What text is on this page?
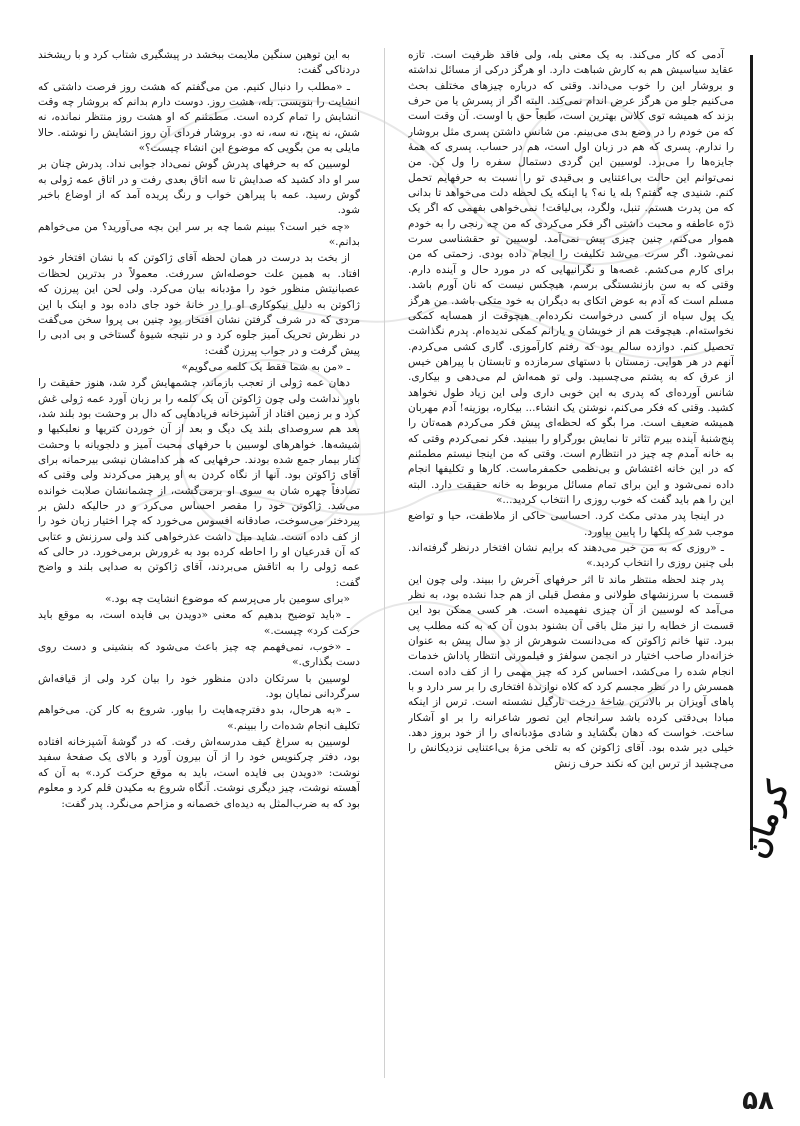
آدمی که کار می‌کند. به یک معنی بله، ولی فاقد ظرفیت است. تازه عقاید سیاسیش هم به کارش شباهت دارد. او هرگز درکی از مسائل نداشته و بروشار این را خوب می‌داند. وقتی که درباره چیزهای مختلف بحث می‌کنیم جلو من هرگز عرض اندام نمی‌کند. البته اگر از پسرش یا من حرف بزند که همیشه توی کلاس بهترین است، طبعاً حق با اوست. آن وقت است که من خودم را در وضع بدی می‌بینم. من شانس داشتن پسری مثل بروشار را ندارم. پسری که هم در زبان اول است، هم در حساب. پسری که همهٔ جایزه‌ها را می‌برد. لوسیین این گردی دستمال سفره را ول کن. من نمی‌توانم این حالت بی‌اعتنایی و بی‌قیدی تو را نسبت به حرفهایم تحمل کنم. شنیدی چه گفتم؟ بله یا نه؟ یا اینکه یک لحظه دلت می‌خواهد تا بدانی که من پدرت هستم. تنبل، ولگرد، بی‌لیاقت! نمی‌خواهی بفهمی که اگر یک ذرّه عاطفه و محبت داشتی اگر فکر می‌کردی که من چه رنجی را به خودم هموار می‌کنم، چنین چیزی پیش نمی‌آمد. لوسیین تو حقشناسی سرت نمی‌شود. اگر سرت می‌شد تکلیفت را انجام داده بودی. زحمتی که من برای کارم می‌کشم. غصه‌ها و نگرانیهایی که در مورد حال و آینده دارم. وقتی که به سن بازنشستگی برسم، هیچکس نیست که نان آورم باشد. مسلم است که آدم به عوض اتکای به دیگران به خود متکی باشد. من هرگز یک پول سیاه از کسی درخواست نکرده‌ام. هیچوقت از همسایه کمکی نخواسته‌ام. هیچوقت هم از خویشان و یارانم کمکی ندیده‌ام. پدرم نگذاشت تحصیل کنم. دوازده سالم بود که رفتم کارآموزی. گاری کشی می‌کردم. آنهم در هر هوایی. زمستان با دستهای سرمازده و تابستان با پیراهن خیس از عرق که به پشتم می‌چسبید. ولی تو همه‌اش لم می‌دهی و بیکاری. شانس آورده‌ای که پدری به این خوبی داری ولی این زیاد طول نخواهد کشید. وقتی که فکر می‌کنم، نوشتن یک انشاء... بیکاره، بوزینه! آدم مهربان همیشه ضعیف است. مرا بگو که لحظه‌ای پیش فکر می‌کردم همه‌تان را پنج‌شنبهٔ آینده بیرم تئاتر تا نمایش بورگراو را ببینید. فکر نمی‌کردم وقتی که به خانه آمدم چه چیز در انتظارم است. وقتی که من اینجا نیستم مطمئنم که در این خانه اغتشاش و بی‌نظمی حکمفرماست. کارها و تکلیفها انجام داده نمی‌شود و این برای تمام مسائل مربوط به خانه حقیقت دارد. البته این را هم باید گفت که خوب روزی را انتخاب کردید...»

در اینجا پدر مدتی مکث کرد. احساسی حاکی از ملاطفت، حیا و تواضع موجب شد که پلکها را پایین بیاورد.

ـ «روزی که به من خبر می‌دهند که برایم نشان افتخار درنظر گرفته‌اند. بلی چنین روزی را انتخاب کردید.»

پدر چند لحظه منتظر ماند تا اثر حرفهای آخرش را ببیند. ولی چون این قسمت با سرزنشهای طولانی و مفصل قبلی از هم جدا نشده بود، به نظر می‌آمد که لوسیین از آن چیزی نفهمیده است. هر کسی ممکن بود این قسمت از خطابه را نیز مثل باقی آن بشنود بدون آن که به کنه مطلب پی ببرد. تنها خانم ژاکوتن که می‌دانست شوهرش از دو سال پیش به عنوان خزانه‌دار صاحب اختیار در انجمن سولفژ و فیلمورنی انتظار پاداش خدمات انجام شده را می‌کشد، احساس کرد که چیز مهمی را از کف داده است. همسرش را در نظر مجسم کرد که کلاه نوازندهٔ افتخاری را بر سر دارد و با پاهای آویزان بر بالاترین شاخهٔ درخت نارگیل نشسته است. ترس از اینکه مبادا بی‌دقتی کرده باشد سرانجام این تصور شاعرانه را بر او آشکار ساخت. خواست که دهان بگشاید و شادی مؤدبانه‌ای را از خود بروز دهد. خیلی دیر شده بود. آقای ژاکوتن که به تلخی مزهٔ بی‌اعتنایی نزدیکانش را می‌چشید از ترس این که نکند حرف زنش

به این توهین سنگین ملایمت ببخشد در پیشگیری شتاب کرد و با ریشخند دردناکی گفت:

ـ «مطلب را دنبال کنیم. من می‌گفتم که هشت روز فرصت داشتی که انشایت را بنویسی. بله، هشت روز. دوست دارم بدانم که بروشار چه وقت انشایش را تمام کرده است. مطمئنم که او هشت روز منتظر نمانده، نه شش، نه پنج، نه سه، نه دو. بروشار فردای آن روز انشایش را نوشته. حالا مایلی به من بگویی که موضوع این انشاء چیست؟»

لوسیین که به حرفهای پدرش گوش نمی‌داد جوابی نداد. پدرش چنان بر سر او داد کشید که صدایش تا سه اتاق بعدی رفت و در اتاق عمه ژولی به گوش رسید. عمه با پیراهن خواب و رنگ پریده آمد که از اوضاع باخبر شود.

«چه خبر است؟ ببینم شما چه بر سر این بچه می‌آورید؟ من می‌خواهم بدانم.»

از بخت بد درست در همان لحظه آقای ژاکوتن که با نشان افتخار خود افتاد. به همین علت حوصله‌اش سررفت. معمولاً در بدترین لحظات عصبانیتش منظور خود را مؤدبانه بیان می‌کرد. ولی لحن این پیرزن که ژاکوتن به دلیل نیکوکاری او را در خانهٔ خود جای داده بود و اینک با این مردی که در شرف گرفتن نشان افتخار بود چنین بی پروا سخن می‌گفت در نظرش تحریک آمیز جلوه کرد و در نتیجه شیوهٔ گستاخی و بی ادبی را پیش گرفت و در جواب پیرزن گفت:

ـ «من به شما فقط یک کلمه می‌گویم»

دهان عمه ژولی از تعجب بازماند، چشمهایش گرد شد، هنوز حقیقت را باور نداشت ولی چون ژاکوتن آن یک کلمه را بر زبان آورد عمه ژولی غش کرد و بر زمین افتاد از آشپزخانه فریادهایی که دال بر وحشت بود بلند شد، بعد هم سروصدای بلند یک دیگ و بعد از آن خوردن کتریها و نعلبکیها و شیشه‌ها. خواهرهای لوسیین با حرفهای محبت آمیز و دلجویانه با وحشت کنار بیمار جمع شده بودند. حرفهایی که هر کدامشان نیشی بیرحمانه برای آقای ژاکوتن بود. آنها از نگاه کردن به او پرهیز می‌کردند ولی وقتی که تصادفاً چهره شان به سوی او برمی‌گشت، از چشمانشان صلابت خوانده می‌شد. ژاکوتن خود را مقصر احساس می‌کرد و در حالیکه دلش بر پیردختر می‌سوخت، صادقانه افسوس می‌خورد که چرا اختیار زبان خود را از کف داده است. شاید میل داشت عذرخواهی کند ولی سرزنش و عتابی که آن قدرعیان او را احاطه کرده بود به غرورش برمی‌خورد. در حالی که عمه ژولی را به اتاقش می‌بردند، آقای ژاکوتن به صدایی بلند و واضح گفت:

«برای سومین بار می‌پرسم که موضوع انشایت چه بود.»

ـ «باید توضیح بدهیم که معنی «دویدن بی فایده است، به موقع باید حرکت کرد» چیست.»

ـ «خوب، نمی‌فهمم چه چیز باعث می‌شود که بنشینی و دست روی دست بگذاری.»

لوسیین با سرتکان دادن منظور خود را بیان کرد ولی از قیافه‌اش سرگردانی نمایان بود.

ـ «به هرحال، بدو دفترچه‌هایت را بیاور. شروع به کار کن. می‌خواهم تکلیف انجام شده‌ات را ببینم.»

لوسیین به سراغ کیف مدرسه‌اش رفت. که در گوشهٔ آشپزخانه افتاده بود، دفتر چرکنویس خود را از آن بیرون آورد و بالای یک صفحهٔ سفید نوشت: «دویدن بی فایده است، باید به موقع حرکت کرد.» به آن که آهسته نوشت، چیز دیگری نوشت. آنگاه شروع به مکیدن قلم کرد و معلوم بود که به ضرب‌المثل به دیده‌ای خصمانه و مزاحم می‌نگرد. پدر گفت:	کرمان
۵۸
